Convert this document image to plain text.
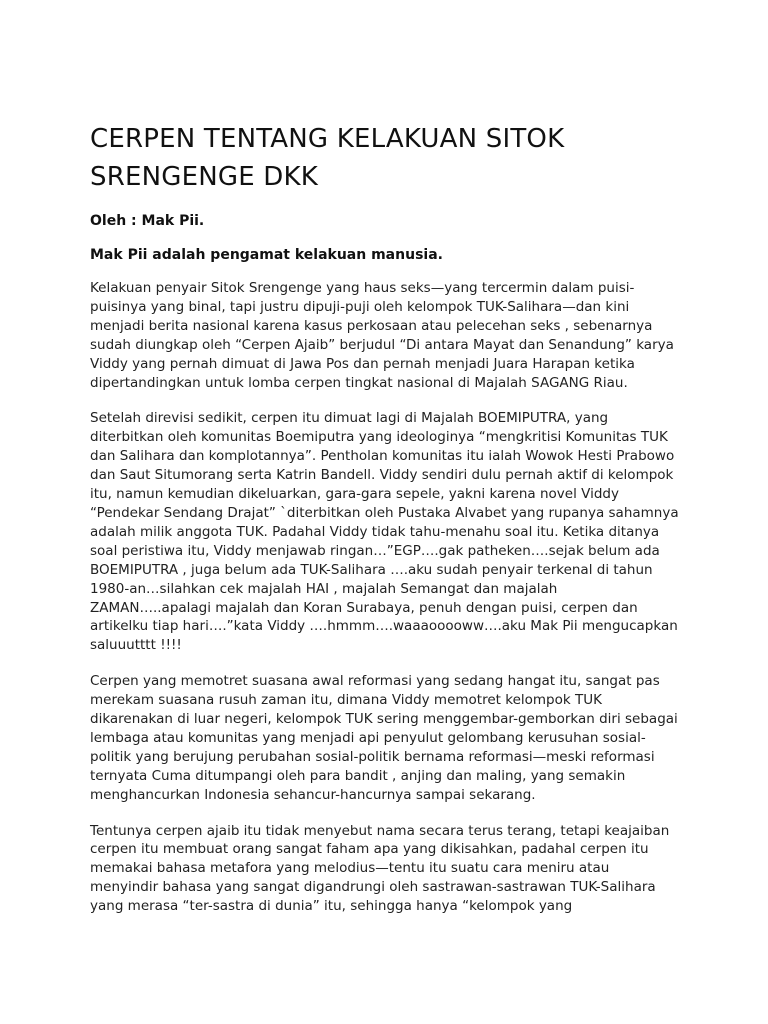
CERPEN TENTANG KELAKUAN SITOK SRENGENGE DKK

Oleh : Mak Pii.

Mak Pii adalah pengamat kelakuan manusia.

Kelakuan penyair Sitok Srengenge yang haus seks—yang tercermin dalam puisi-puisinya yang binal, tapi justru dipuji-puji oleh kelompok TUK-Salihara—dan kini menjadi berita nasional karena kasus perkosaan atau pelecehan seks , sebenarnya sudah diungkap oleh “Cerpen Ajaib” berjudul “Di antara Mayat dan Senandung” karya Viddy yang pernah dimuat di Jawa Pos dan pernah menjadi Juara Harapan ketika dipertandingkan untuk lomba cerpen tingkat nasional di Majalah SAGANG Riau.

Setelah direvisi sedikit, cerpen itu dimuat lagi di Majalah BOEMIPUTRA, yang diterbitkan oleh komunitas Boemiputra yang ideologinya “mengkritisi Komunitas TUK dan Salihara dan komplotannya”. Pentholan komunitas itu ialah Wowok Hesti Prabowo dan Saut Situmorang serta Katrin Bandell. Viddy sendiri dulu pernah aktif di kelompok itu, namun kemudian dikeluarkan, gara-gara sepele, yakni karena novel Viddy “Pendekar Sendang Drajat” `diterbitkan oleh Pustaka Alvabet yang rupanya sahamnya adalah milik anggota TUK. Padahal Viddy tidak tahu-menahu soal itu. Ketika ditanya soal peristiwa itu, Viddy menjawab ringan…”EGP….gak patheken….sejak belum ada BOEMIPUTRA , juga belum ada TUK-Salihara ….aku sudah penyair terkenal di tahun 1980-an…silahkan cek majalah HAI , majalah Semangat dan majalah ZAMAN…..apalagi majalah dan Koran Surabaya, penuh dengan puisi, cerpen dan artikelku tiap hari….”kata Viddy ….hmmm….waaaooooww….aku Mak Pii mengucapkan saluuutttt !!!!

Cerpen yang memotret suasana awal reformasi yang sedang hangat itu, sangat pas merekam suasana rusuh zaman itu, dimana Viddy memotret kelompok TUK dikarenakan di luar negeri, kelompok TUK sering menggembar-gemborkan diri sebagai lembaga atau komunitas yang menjadi api penyulut gelombang kerusuhan sosial-politik yang berujung perubahan sosial-politik bernama reformasi—meski reformasi ternyata Cuma ditumpangi oleh para bandit , anjing dan maling, yang semakin menghancurkan Indonesia sehancur-hancurnya sampai sekarang.

Tentunya cerpen ajaib itu tidak menyebut nama secara terus terang, tetapi keajaiban cerpen itu membuat orang sangat faham apa yang dikisahkan, padahal cerpen itu memakai bahasa metafora yang melodius—tentu itu suatu cara meniru atau menyindir bahasa yang sangat digandrungi oleh sastrawan-sastrawan TUK-Salihara yang merasa “ter-sastra di dunia” itu, sehingga hanya “kelompok yang
